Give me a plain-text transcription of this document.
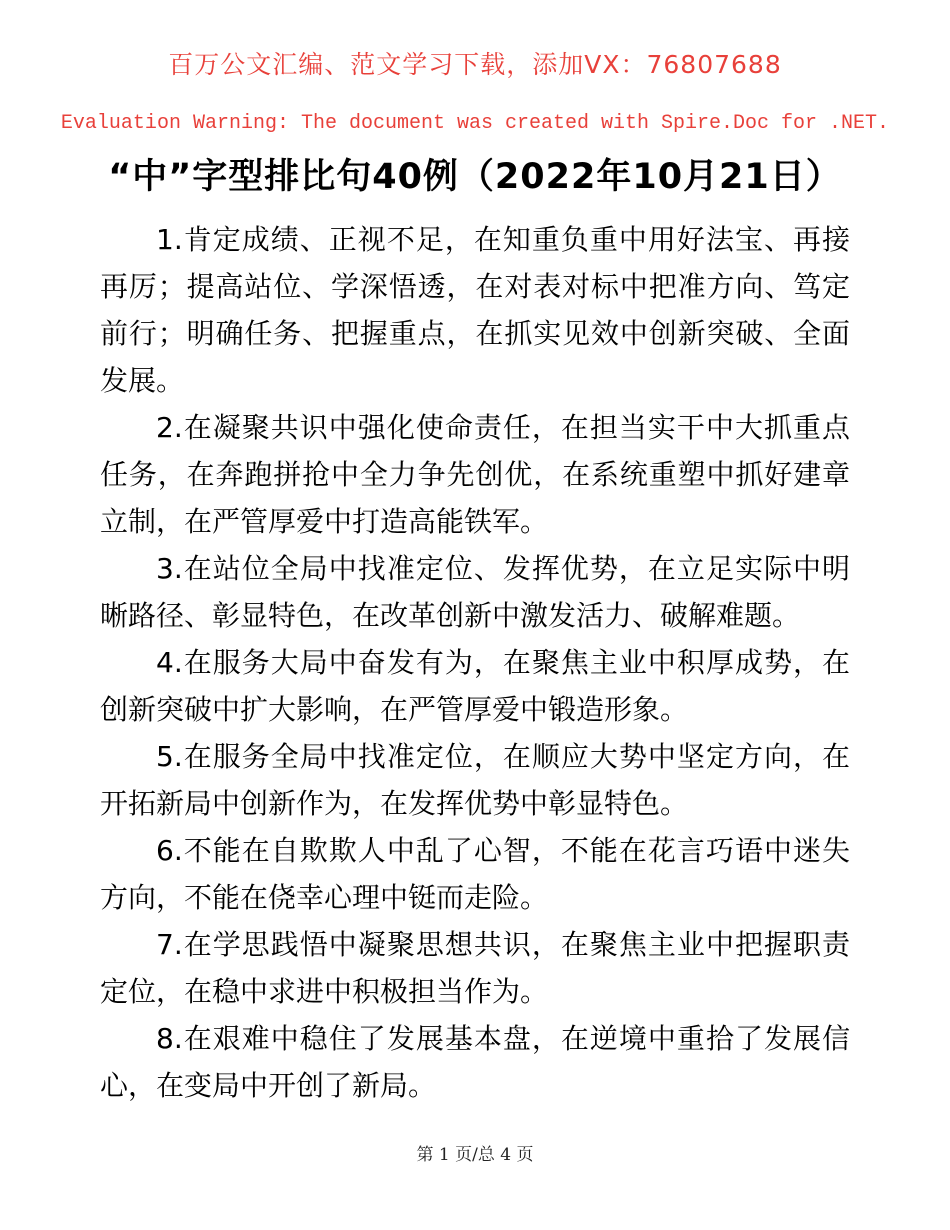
百万公文汇编、范文学习下载，添加VX：76807688
Evaluation Warning: The document was created with Spire.Doc for .NET.
“中”字型排比句40例（2022年10月21日）

1.肯定成绩、正视不足，在知重负重中用好法宝、再接再厉；提高站位、学深悟透，在对表对标中把准方向、笃定前行；明确任务、把握重点，在抓实见效中创新突破、全面发展。

2.在凝聚共识中强化使命责任，在担当实干中大抓重点任务，在奔跑拼抢中全力争先创优，在系统重塑中抓好建章立制，在严管厚爱中打造高能铁军。

3.在站位全局中找准定位、发挥优势，在立足实际中明晰路径、彰显特色，在改革创新中激发活力、破解难题。

4.在服务大局中奋发有为，在聚焦主业中积厚成势，在创新突破中扩大影响，在严管厚爱中锻造形象。

5.在服务全局中找准定位，在顺应大势中坚定方向，在开拓新局中创新作为，在发挥优势中彰显特色。

6.不能在自欺欺人中乱了心智，不能在花言巧语中迷失方向，不能在侥幸心理中铤而走险。

7.在学思践悟中凝聚思想共识，在聚焦主业中把握职责定位，在稳中求进中积极担当作为。

8.在艰难中稳住了发展基本盘，在逆境中重拾了发展信心，在变局中开创了新局。

第 1 页/总 4 页
